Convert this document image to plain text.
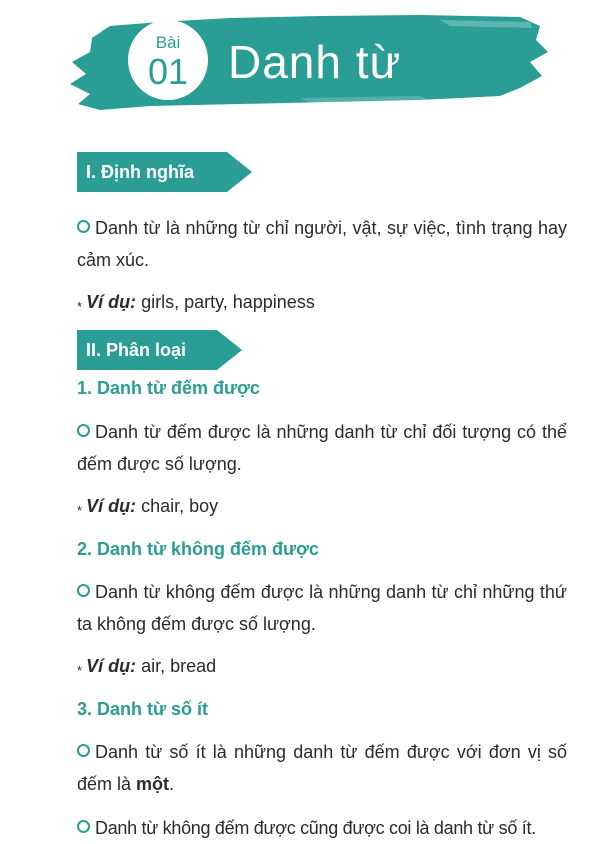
Bài
01 Danh từ
I. Định nghĩa
Danh từ là những từ chỉ người, vật, sự việc, tình trạng hay cảm xúc.
* Ví dụ: girls, party, happiness
II. Phân loại
1. Danh từ đếm được
Danh từ đếm được là những danh từ chỉ đối tượng có thể đếm được số lượng.
* Ví dụ: chair, boy
2. Danh từ không đếm được
Danh từ không đếm được là những danh từ chỉ những thứ ta không đếm được số lượng.
* Ví dụ: air, bread
3. Danh từ số ít
Danh từ số ít là những danh từ đếm được với đơn vị số đếm là một.
Danh từ không đếm được cũng được coi là danh từ số ít.
